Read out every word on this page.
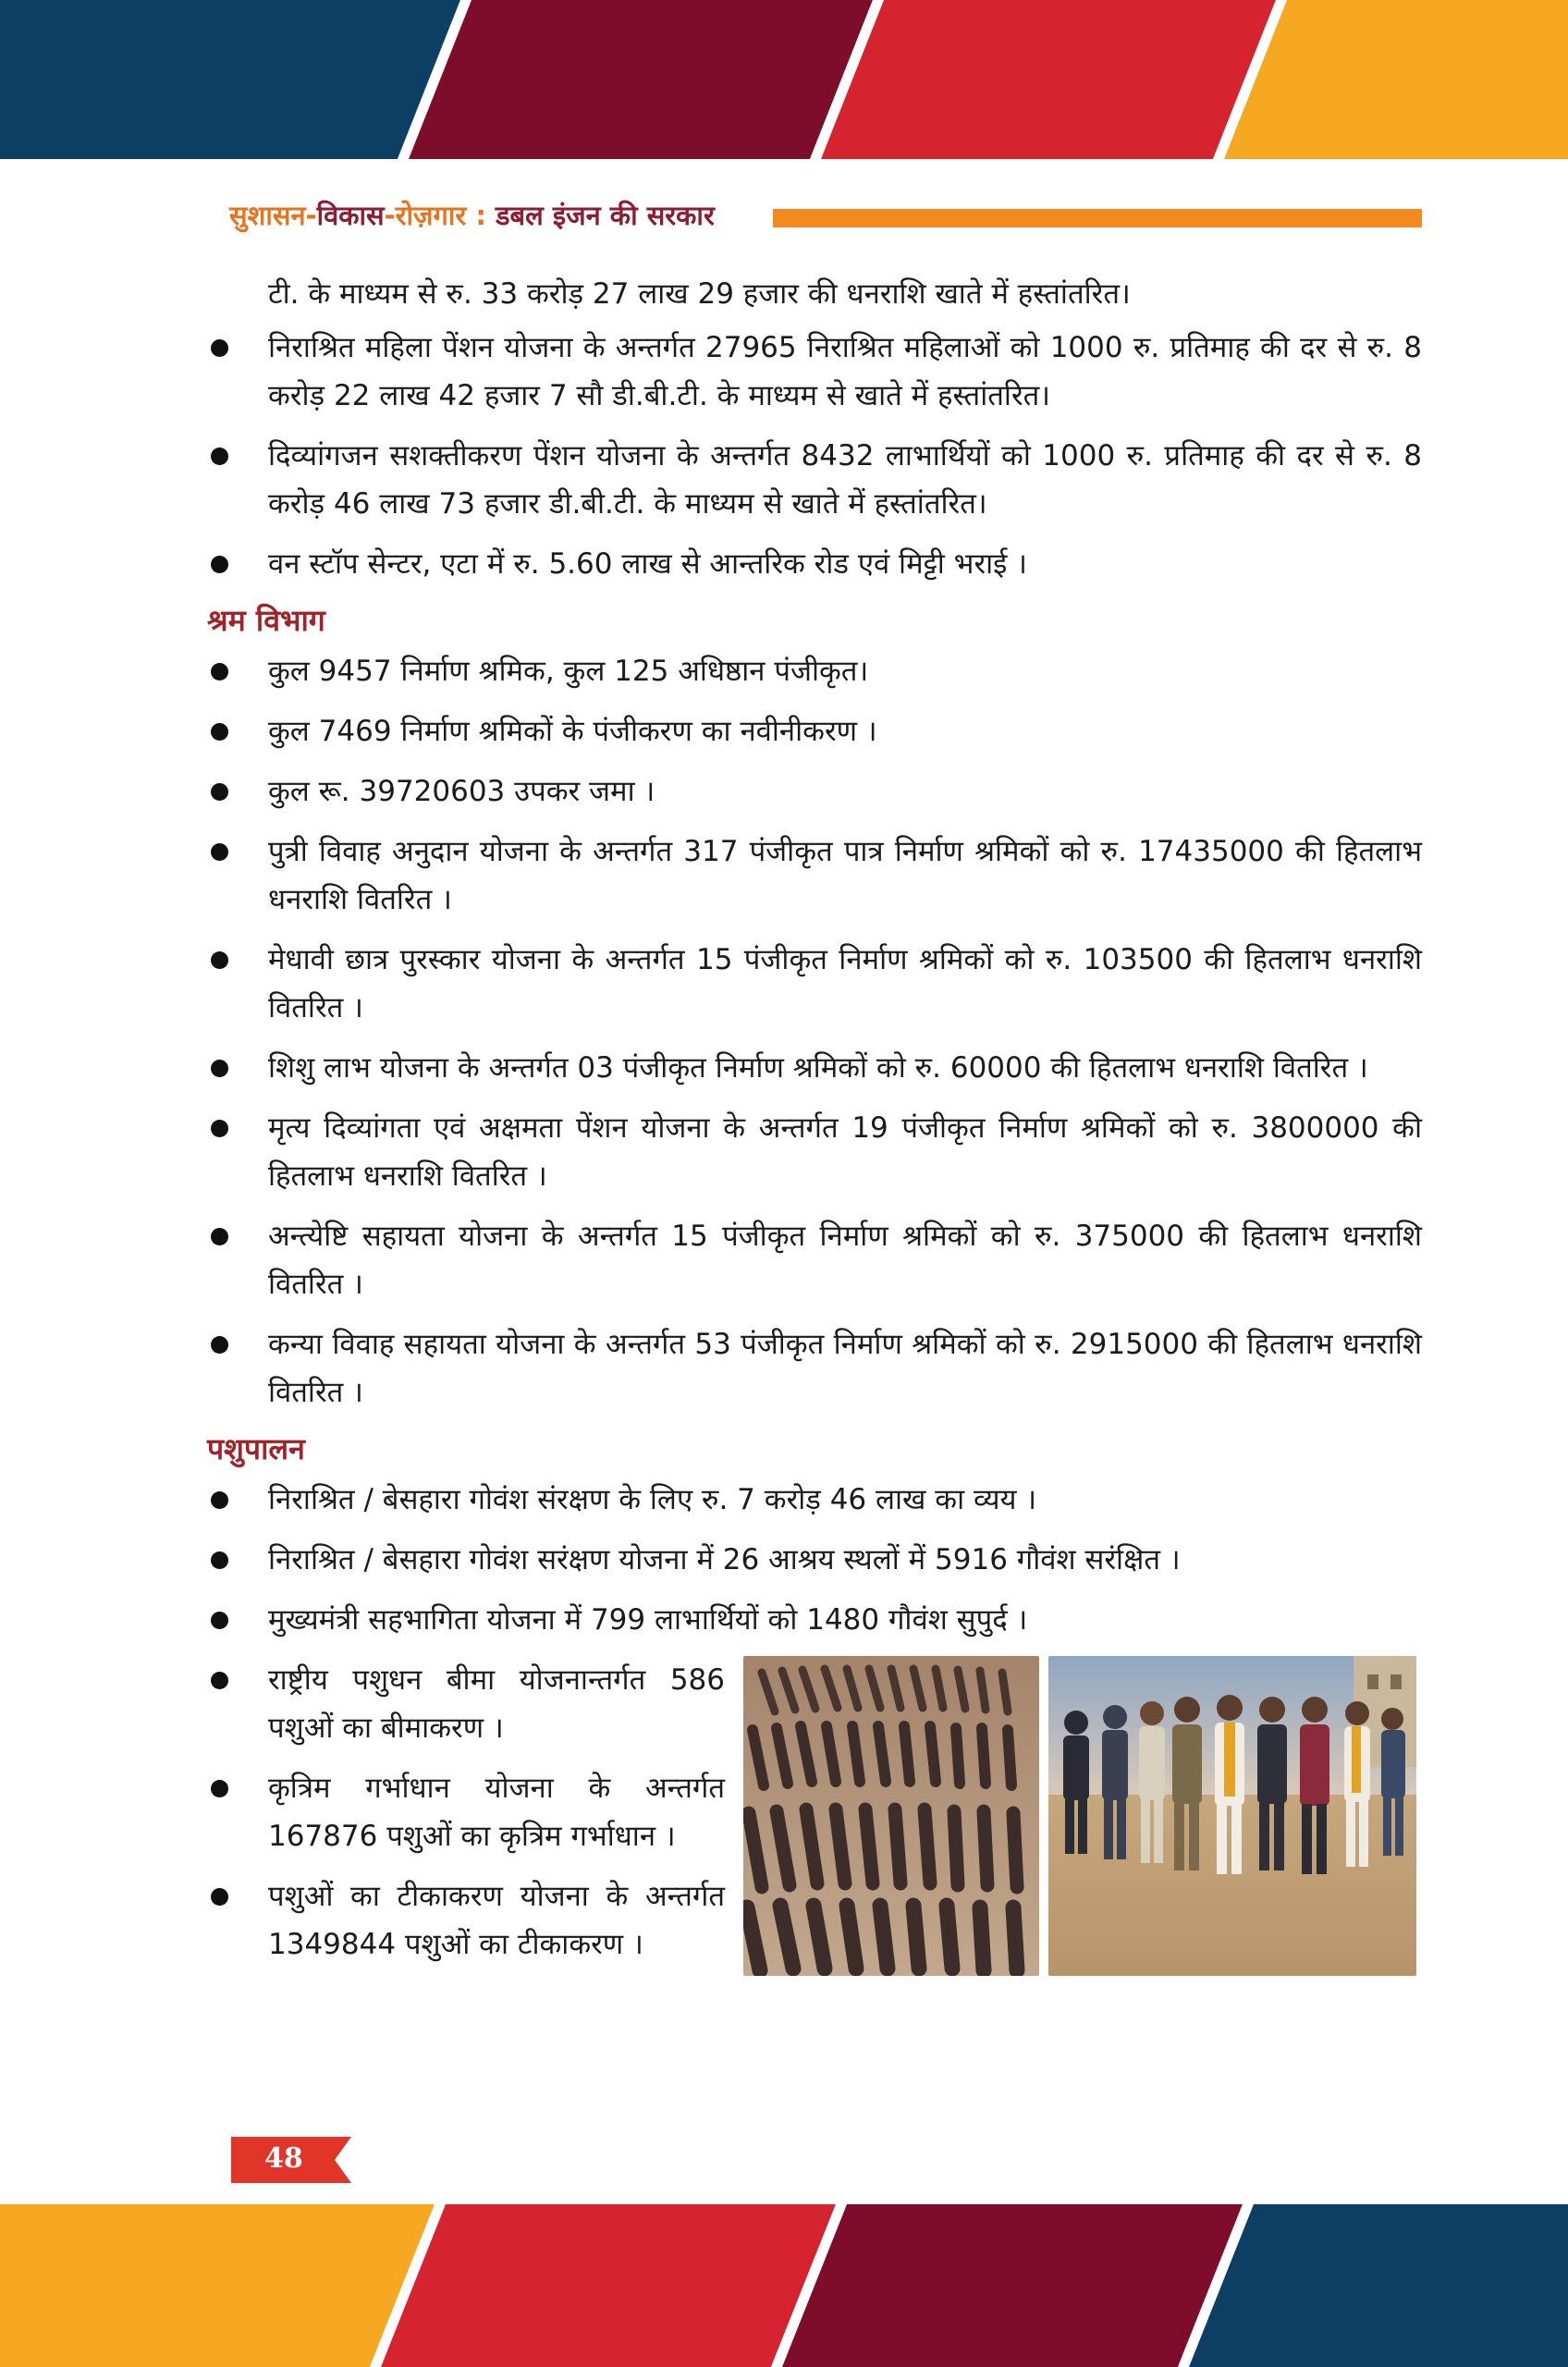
सुशासन-विकास-रोज़गार : डबल इंजन की सरकार
टी. के माध्यम से रु. 33 करोड़ 27 लाख 29 हजार की धनराशि खाते में हस्तांतरित।
निराश्रित महिला पेंशन योजना के अन्तर्गत 27965 निराश्रित महिलाओं को 1000 रु. प्रतिमाह की दर से रु. 8 करोड़ 22 लाख 42 हजार 7 सौ डी.बी.टी. के माध्यम से खाते में हस्तांतरित।
दिव्यांगजन सशक्तीकरण पेंशन योजना के अन्तर्गत 8432 लाभार्थियों को 1000 रु. प्रतिमाह की दर से रु. 8 करोड़ 46 लाख 73 हजार डी.बी.टी. के माध्यम से खाते में हस्तांतरित।
वन स्टॉप सेन्टर, एटा में रु. 5.60 लाख से आन्तरिक रोड एवं मिट्टी भराई ।
श्रम विभाग
कुल 9457 निर्माण श्रमिक, कुल 125 अधिष्ठान पंजीकृत।
कुल 7469 निर्माण श्रमिकों के पंजीकरण का नवीनीकरण ।
कुल रू. 39720603 उपकर जमा ।
पुत्री विवाह अनुदान योजना के अन्तर्गत 317 पंजीकृत पात्र निर्माण श्रमिकों को रु. 17435000 की हितलाभ धनराशि वितरित ।
मेधावी छात्र पुरस्कार योजना के अन्तर्गत 15 पंजीकृत निर्माण श्रमिकों को रु. 103500 की हितलाभ धनराशि वितरित ।
शिशु लाभ योजना के अन्तर्गत 03 पंजीकृत निर्माण श्रमिकों को रु. 60000 की हितलाभ धनराशि वितरित ।
मृत्य दिव्यांगता एवं अक्षमता पेंशन योजना के अन्तर्गत 19 पंजीकृत निर्माण श्रमिकों को रु. 3800000 की हितलाभ धनराशि वितरित ।
अन्त्येष्टि सहायता योजना के अन्तर्गत 15 पंजीकृत निर्माण श्रमिकों को रु. 375000 की हितलाभ धनराशि वितरित ।
कन्या विवाह सहायता योजना के अन्तर्गत 53 पंजीकृत निर्माण श्रमिकों को रु. 2915000 की हितलाभ धनराशि वितरित ।
पशुपालन
निराश्रित / बेसहारा गोवंश संरक्षण के लिए रु. 7 करोड़ 46 लाख का व्यय ।
निराश्रित / बेसहारा गोवंश सरंक्षण योजना में 26 आश्रय स्थलों में 5916 गौवंश सरंक्षित ।
मुख्यमंत्री सहभागिता योजना में 799 लाभार्थियों को 1480 गौवंश सुपुर्द ।
राष्ट्रीय पशुधन बीमा योजनान्तर्गत 586 पशुओं का बीमाकरण ।
कृत्रिम गर्भाधान योजना के अन्तर्गत 167876 पशुओं का कृत्रिम गर्भाधान ।
पशुओं का टीकाकरण योजना के अन्तर्गत 1349844 पशुओं का टीकाकरण ।
48
